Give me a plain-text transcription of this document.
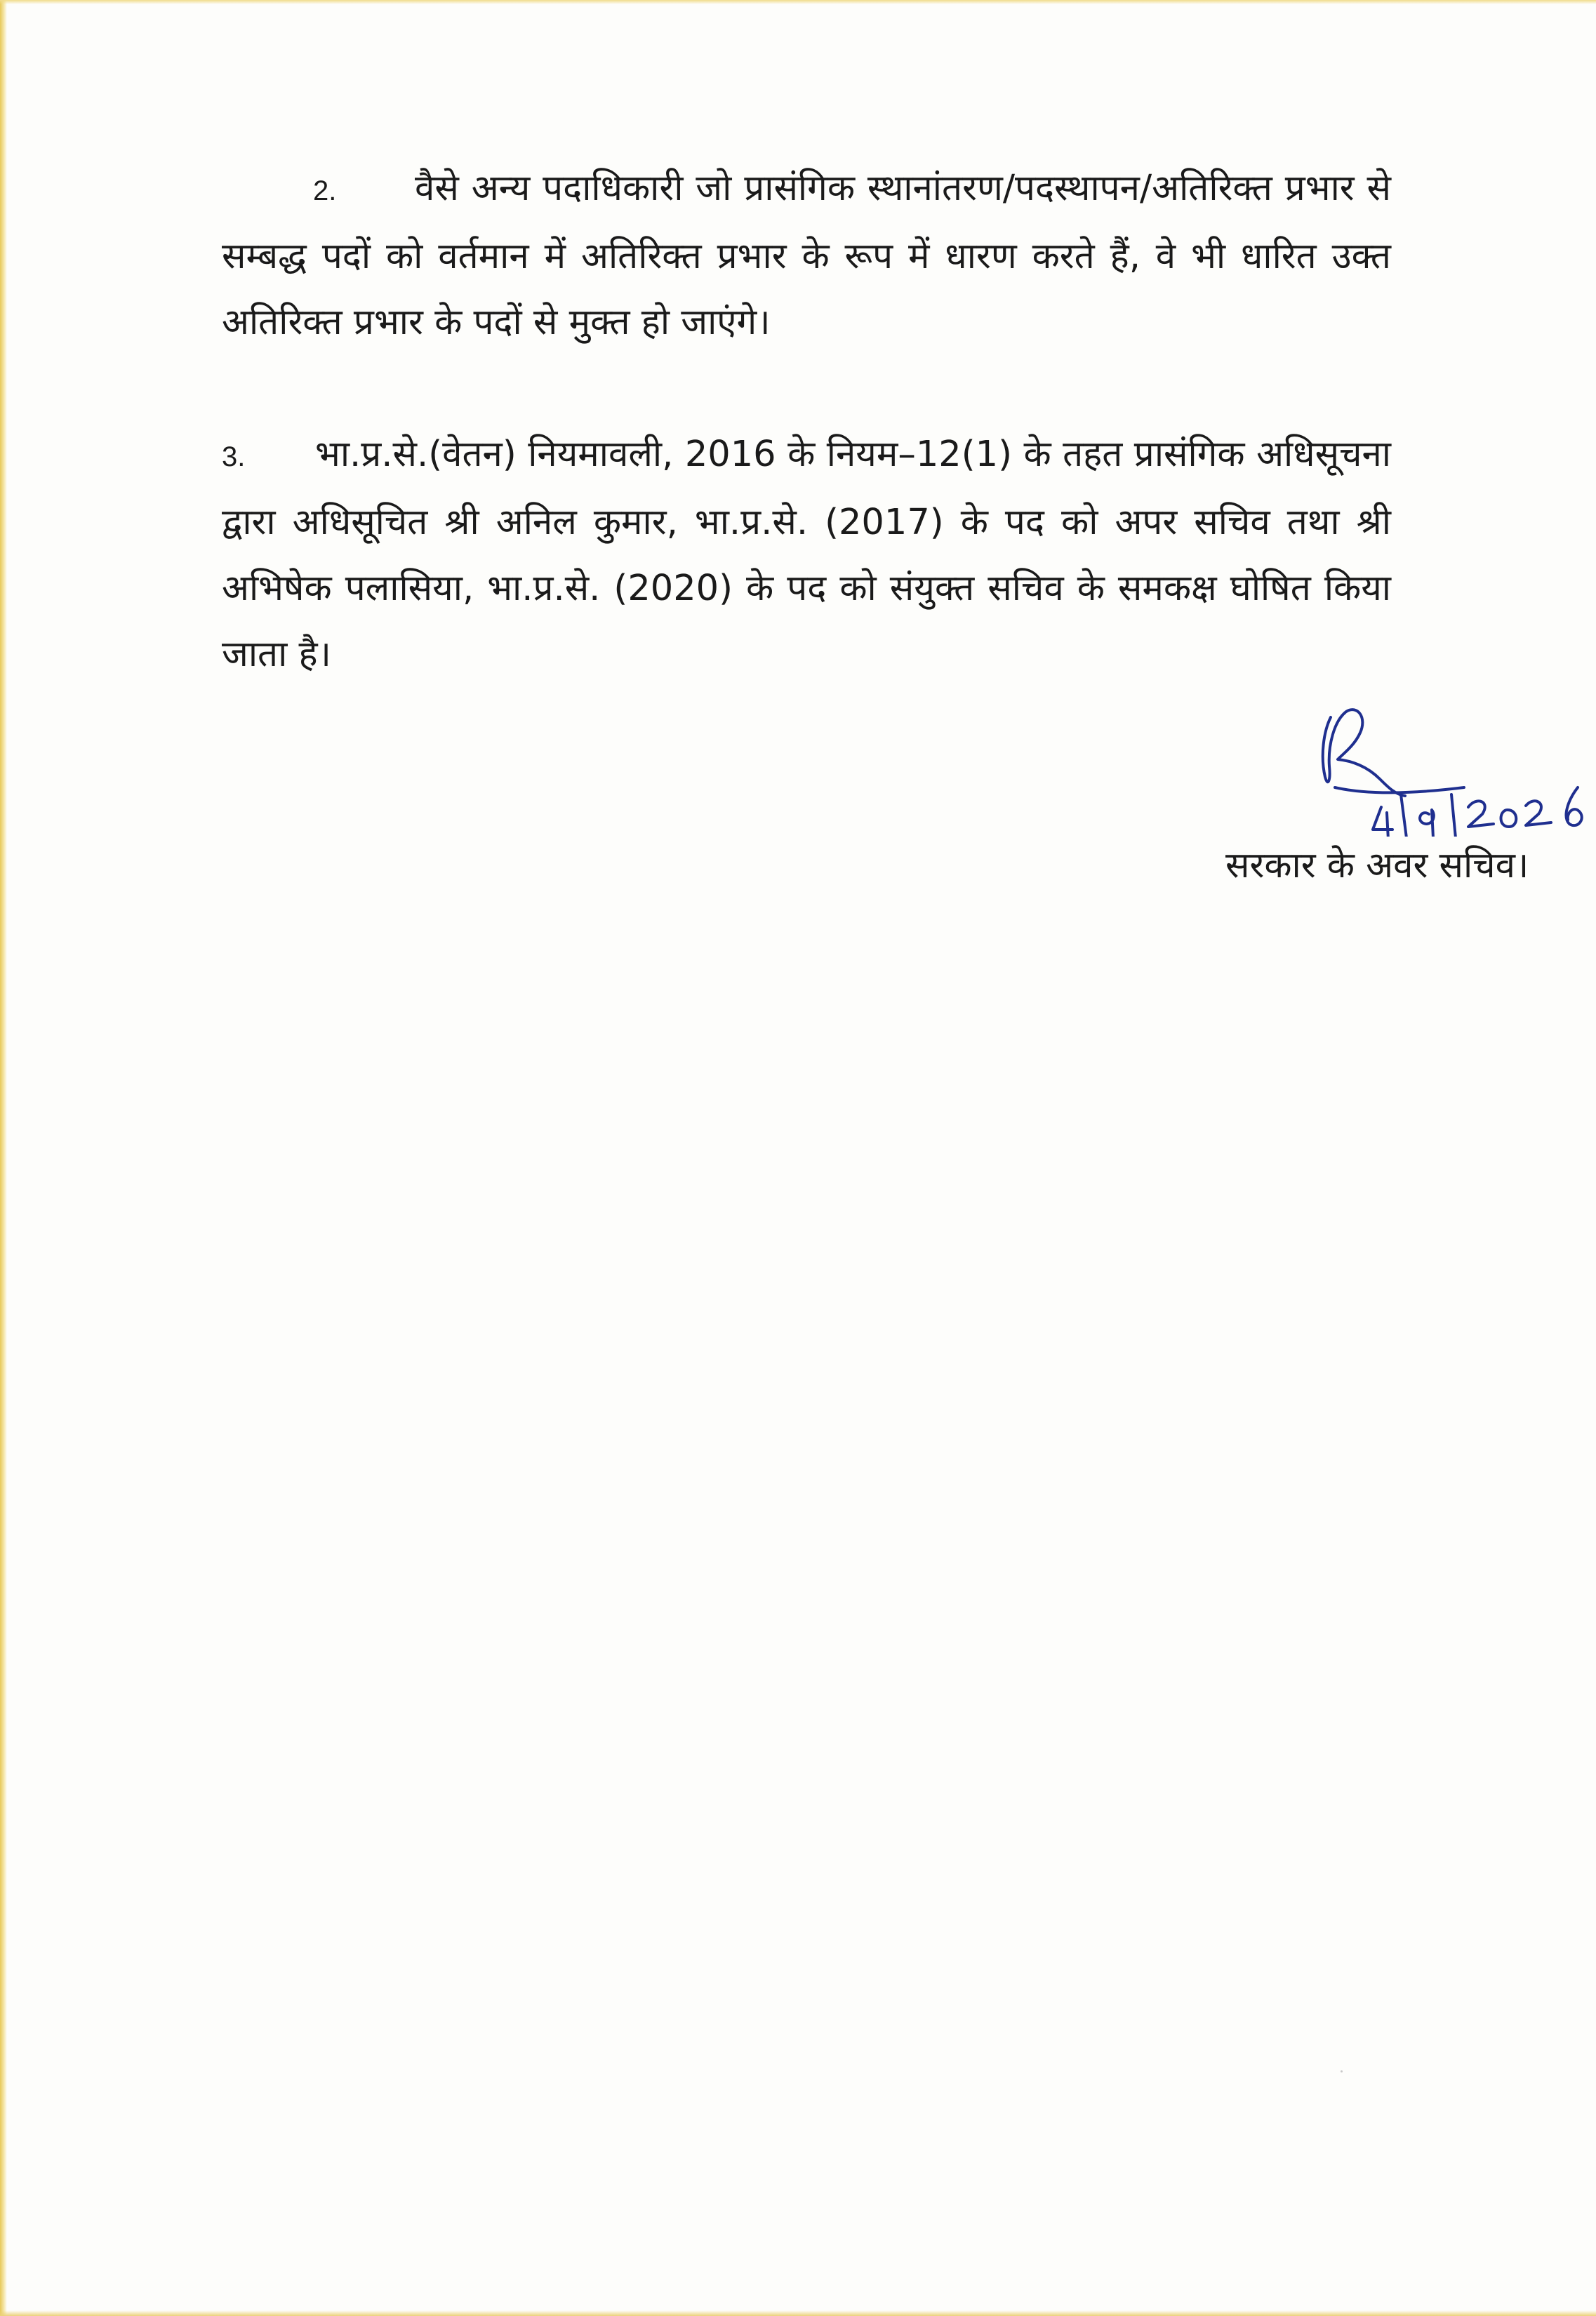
2. वैसे अन्य पदाधिकारी जो प्रासंगिक स्थानांतरण/पदस्थापन/अतिरिक्त प्रभार से सम्बद्ध पदों को वर्तमान में अतिरिक्त प्रभार के रूप में धारण करते हैं, वे भी धारित उक्त अतिरिक्त प्रभार के पदों से मुक्त हो जाएंगे।

3. भा.प्र.से.(वेतन) नियमावली, 2016 के नियम–12(1) के तहत प्रासंगिक अधिसूचना द्वारा अधिसूचित श्री अनिल कुमार, भा.प्र.से. (2017) के पद को अपर सचिव तथा श्री अभिषेक पलासिया, भा.प्र.से. (2020) के पद को संयुक्त सचिव के समकक्ष घोषित किया जाता है।

सरकार के अवर सचिव।
